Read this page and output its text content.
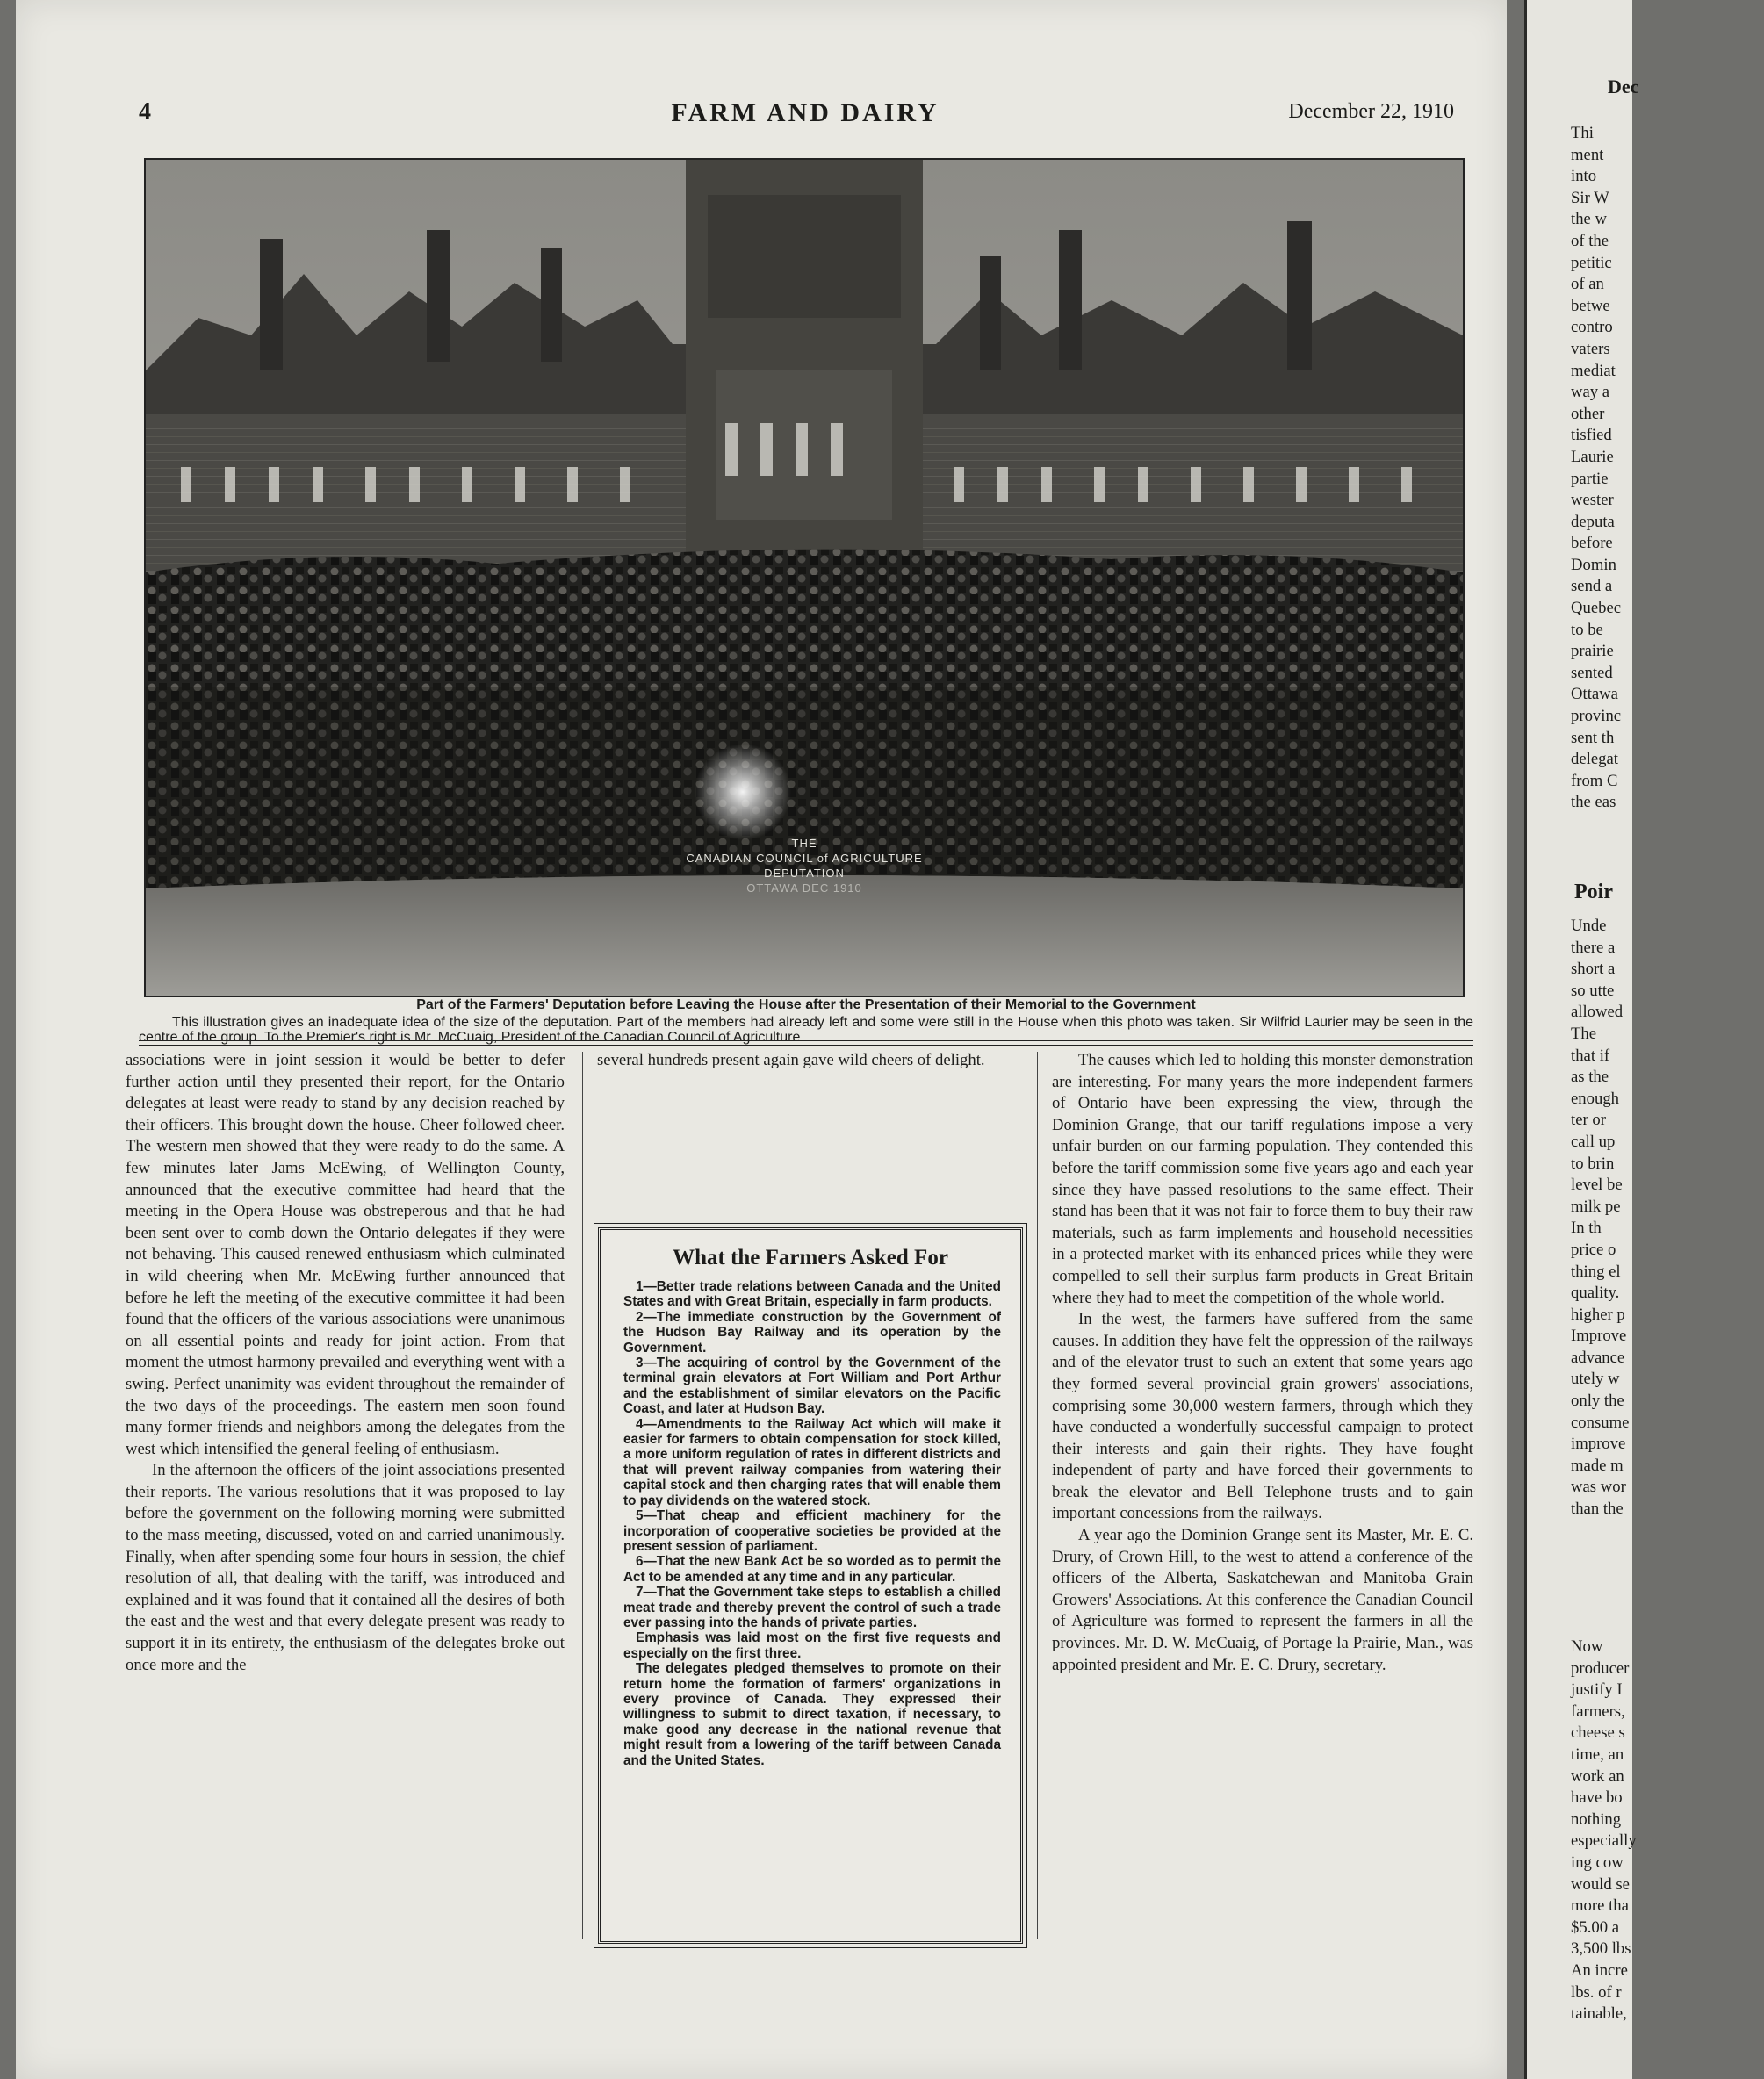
4	FARM AND DAIRY	December 22, 1910
THE
CANADIAN COUNCIL of AGRICULTURE
DEPUTATION
OTTAWA DEC 1910
Part of the Farmers' Deputation before Leaving the House after the Presentation of their Memorial to the Government
This illustration gives an inadequate idea of the size of the deputation. Part of the members had already left and some were still in the House when this photo was taken. Sir Wilfrid Laurier may be seen in the centre of the group. To the Premier's right is Mr. McCuaig, President of the Canadian Council of Agriculture.

associations were in joint session it would be better to defer further action until they presented their report, for the Ontario delegates at least were ready to stand by any decision reached by their officers. This brought down the house. Cheer followed cheer. The western men showed that they were ready to do the same. A few minutes later Jams McEwing, of Wellington County, announced that the executive committee had heard that the meeting in the Opera House was obstreperous and that he had been sent over to comb down the Ontario delegates if they were not behaving. This caused renewed enthusiasm which culminated in wild cheering when Mr. McEwing further announced that before he left the meeting of the executive committee it had been found that the officers of the various associations were unanimous on all essential points and ready for joint action. From that moment the utmost harmony prevailed and everything went with a swing. Perfect unanimity was evident throughout the remainder of the two days of the proceedings. The eastern men soon found many former friends and neighbors among the delegates from the west which intensified the general feeling of enthusiasm.

In the afternoon the officers of the joint associations presented their reports. The various resolutions that it was proposed to lay before the government on the following morning were submitted to the mass meeting, discussed, voted on and carried unanimously. Finally, when after spending some four hours in session, the chief resolution of all, that dealing with the tariff, was introduced and explained and it was found that it contained all the desires of both the east and the west and that every delegate present was ready to support it in its entirety, the enthusiasm of the delegates broke out once more and the

several hundreds present again gave wild cheers of delight.

What the Farmers Asked For

1—Better trade relations between Canada and the United States and with Great Britain, especially in farm products.

2—The immediate construction by the Government of the Hudson Bay Railway and its operation by the Government.

3—The acquiring of control by the Government of the terminal grain elevators at Fort William and Port Arthur and the establishment of similar elevators on the Pacific Coast, and later at Hudson Bay.

4—Amendments to the Railway Act which will make it easier for farmers to obtain compensation for stock killed, a more uniform regulation of rates in different districts and that will prevent railway companies from watering their capital stock and then charging rates that will enable them to pay dividends on the watered stock.

5—That cheap and efficient machinery for the incorporation of cooperative societies be provided at the present session of parliament.

6—That the new Bank Act be so worded as to permit the Act to be amended at any time and in any particular.

7—That the Government take steps to establish a chilled meat trade and thereby prevent the control of such a trade ever passing into the hands of private parties.

Emphasis was laid most on the first five requests and especially on the first three.

The delegates pledged themselves to promote on their return home the formation of farmers' organizations in every province of Canada. They expressed their willingness to submit to direct taxation, if necessary, to make good any decrease in the national revenue that might result from a lowering of the tariff between Canada and the United States.

The causes which led to holding this monster demonstration are interesting. For many years the more independent farmers of Ontario have been expressing the view, through the Dominion Grange, that our tariff regulations impose a very unfair burden on our farming population. They contended this before the tariff commission some five years ago and each year since they have passed resolutions to the same effect. Their stand has been that it was not fair to force them to buy their raw materials, such as farm implements and household necessities in a protected market with its enhanced prices while they were compelled to sell their surplus farm products in Great Britain where they had to meet the competition of the whole world.

In the west, the farmers have suffered from the same causes. In addition they have felt the oppression of the railways and of the elevator trust to such an extent that some years ago they formed several provincial grain growers' associations, comprising some 30,000 western farmers, through which they have conducted a wonderfully successful campaign to protect their interests and gain their rights. They have fought independent of party and have forced their governments to break the elevator and Bell Telephone trusts and to gain important concessions from the railways.

A year ago the Dominion Grange sent its Master, Mr. E. C. Drury, of Crown Hill, to the west to attend a conference of the officers of the Alberta, Saskatchewan and Manitoba Grain Growers' Associations. At this conference the Canadian Council of Agriculture was formed to represent the farmers in all the provinces. Mr. D. W. McCuaig, of Portage la Prairie, Man., was appointed president and Mr. E. C. Drury, secretary.

Dec
Thi
ment
into
Sir W
the w
of the
petitic
of an
betwe
contro
vaters
mediat
way a
other
tisfied
Laurie
partie
wester
deputa
before
Domin
send a
Quebec
to be
prairie
sented
Ottawa
provinc
sent th
delegat
from C
the eas
Poir
Unde
there a
short a
so utte
allowed
The
that if
as the
enough
ter or
call up
to brin
level be
milk pe
In th
price o
thing el
quality.
higher p
Improve
advance
utely w
only the
consume
improve
made m
was wor
than the
Now
producer
justify I
farmers,
cheese s
time, an
work an
have bo
nothing
especially
ing cow
would se
more tha
$5.00 a
3,500 lbs
An incre
lbs. of r
tainable,
